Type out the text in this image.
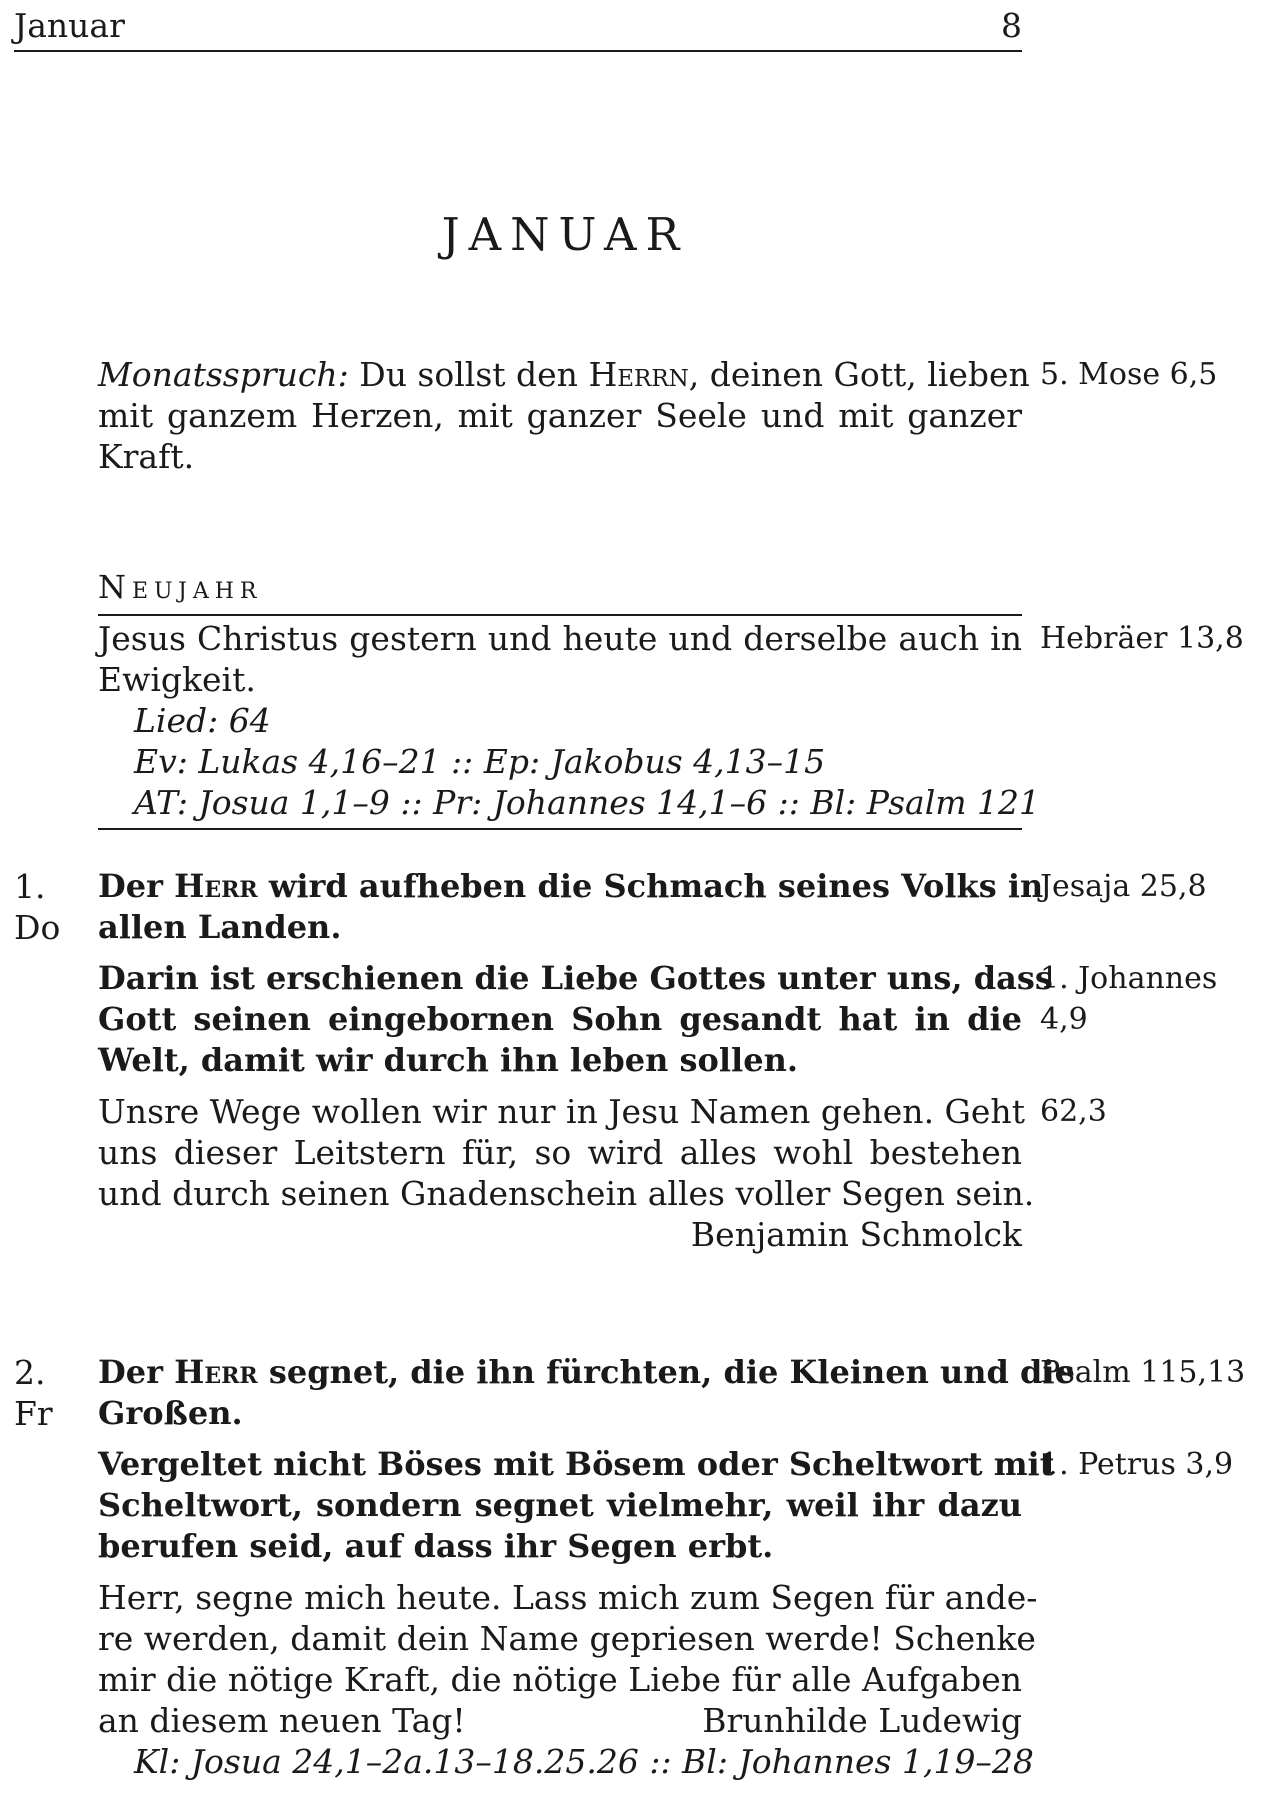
Januar	8
JANUAR
Monatsspruch: Du sollst den Herrn, deinen Gott, lieben
mit ganzem Herzen, mit ganzer Seele und mit ganzer
Kraft.
5. Mose 6,5
Neujahr
Jesus Christus gestern und heute und derselbe auch in
Ewigkeit.
Hebräer 13,8
Lied: 64
Ev: Lukas 4,16–21 :: Ep: Jakobus 4,13–15
AT: Josua 1,1–9 :: Pr: Johannes 14,1–6 :: Bl: Psalm 121
1.
Do
Der Herr wird aufheben die Schmach seines Volks in
allen Landen.
Jesaja 25,8
Darin ist erschienen die Liebe Gottes unter uns, dass
Gott seinen eingebornen Sohn gesandt hat in die
Welt, damit wir durch ihn leben sollen.
1. Johannes
4,9
Unsre Wege wollen wir nur in Jesu Namen gehen. Geht
uns dieser Leitstern für, so wird alles wohl bestehen
und durch seinen Gnadenschein alles voller Segen sein.
62,3
Benjamin Schmolck
2.
Fr
Der Herr segnet, die ihn fürchten, die Kleinen und die
Großen.
Psalm 115,13
Vergeltet nicht Böses mit Bösem oder Scheltwort mit
Scheltwort, sondern segnet vielmehr, weil ihr dazu
berufen seid, auf dass ihr Segen erbt.
1. Petrus 3,9
Herr, segne mich heute. Lass mich zum Segen für ande-
re werden, damit dein Name gepriesen werde! Schenke
mir die nötige Kraft, die nötige Liebe für alle Aufgaben
an diesem neuen Tag!	Brunhilde Ludewig
Kl: Josua 24,1–2a.13–18.25.26 :: Bl: Johannes 1,19–28
